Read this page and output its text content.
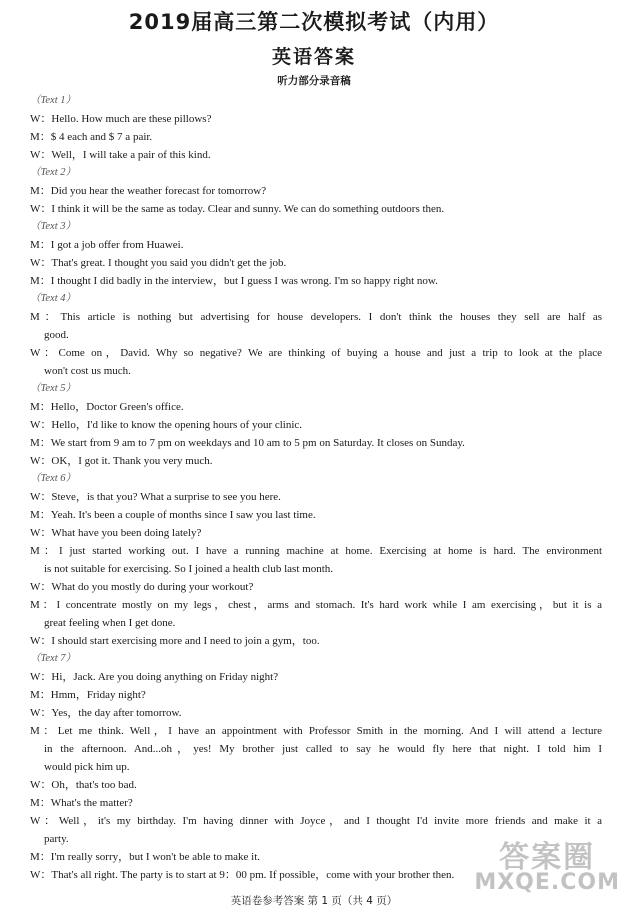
2019届高三第二次模拟考试（内用）
英语答案
听力部分录音稿
（Text 1）
W：Hello. How much are these pillows?
M：$ 4 each and $ 7 a pair.
W：Well，I will take a pair of this kind.
（Text 2）
M：Did you hear the weather forecast for tomorrow?
W：I think it will be the same as today. Clear and sunny. We can do something outdoors then.
（Text 3）
M：I got a job offer from Huawei.
W：That's great. I thought you said you didn't get the job.
M：I thought I did badly in the interview，but I guess I was wrong. I'm so happy right now.
（Text 4）
M：This article is nothing but advertising for house developers. I don't think the houses they sell are half as
good.
W：Come on，David. Why so negative? We are thinking of buying a house and just a trip to look at the place
won't cost us much.
（Text 5）
M：Hello，Doctor Green's office.
W：Hello，I'd like to know the opening hours of your clinic.
M：We start from 9 am to 7 pm on weekdays and 10 am to 5 pm on Saturday. It closes on Sunday.
W：OK，I got it. Thank you very much.
（Text 6）
W：Steve，is that you? What a surprise to see you here.
M：Yeah. It's been a couple of months since I saw you last time.
W：What have you been doing lately?
M：I just started working out. I have a running machine at home. Exercising at home is hard. The environment
is not suitable for exercising. So I joined a health club last month.
W：What do you mostly do during your workout?
M：I concentrate mostly on my legs，chest，arms and stomach. It's hard work while I am exercising，but it is a
great feeling when I get done.
W：I should start exercising more and I need to join a gym，too.
（Text 7）
W：Hi，Jack. Are you doing anything on Friday night?
M：Hmm，Friday night?
W：Yes，the day after tomorrow.
M：Let me think. Well，I have an appointment with Professor Smith in the morning. And I will attend a lecture
in the afternoon. And...oh，yes! My brother just called to say he would fly here that night. I told him I
would pick him up.
W：Oh，that's too bad.
M：What's the matter?
W：Well，it's my birthday. I'm having dinner with Joyce，and I thought I'd invite more friends and make it a
party.
M：I'm really sorry，but I won't be able to make it.
W：That's all right. The party is to start at 9：00 pm. If possible，come with your brother then.
英语卷参考答案 第 1 页（共 4 页）
答案圈
MXQE.COM
